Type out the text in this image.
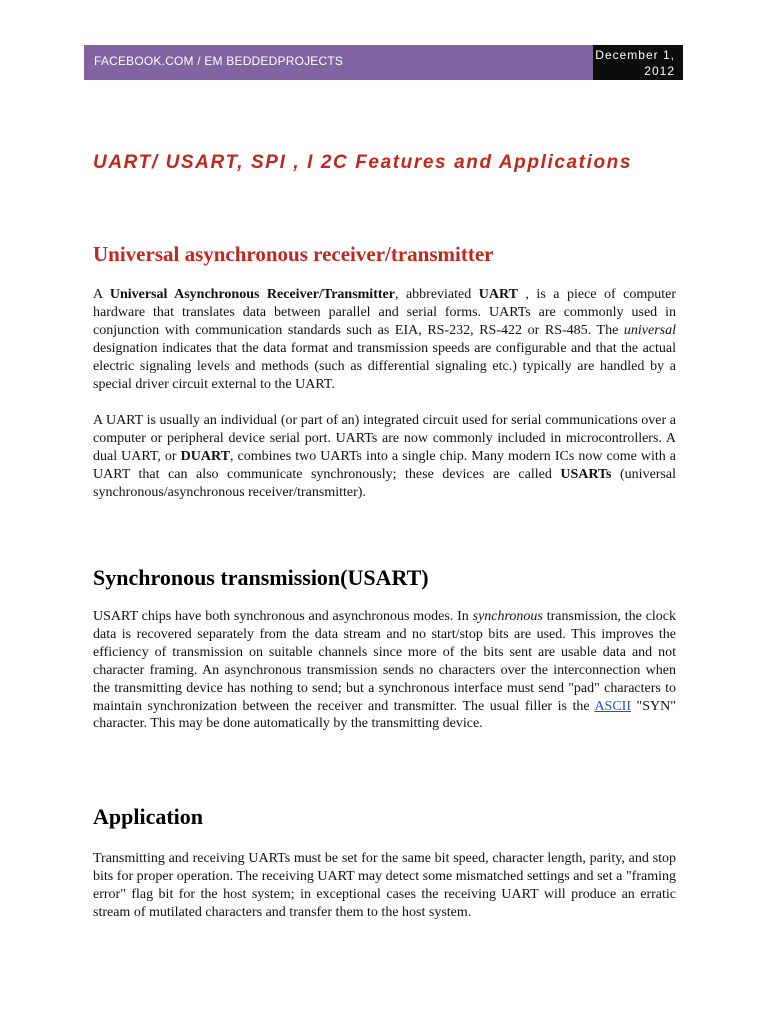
FACEBOOK.COM / EM BEDDEDPROJECTS	December 1,
2012
UART/ USART, SPI , I 2C Features and Applications
Universal asynchronous receiver/transmitter

A Universal Asynchronous Receiver/Transmitter, abbreviated UART , is a piece of computer hardware that translates data between parallel and serial forms. UARTs are commonly used in conjunction with communication standards such as EIA, RS-232, RS-422 or RS-485. The universal designation indicates that the data format and transmission speeds are configurable and that the actual electric signaling levels and methods (such as differential signaling etc.) typically are handled by a special driver circuit external to the UART.

A UART is usually an individual (or part of an) integrated circuit used for serial communications over a computer or peripheral device serial port. UARTs are now commonly included in microcontrollers. A dual UART, or DUART, combines two UARTs into a single chip. Many modern ICs now come with a UART that can also communicate synchronously; these devices are called USARTs (universal synchronous/asynchronous receiver/transmitter).

Synchronous transmission(USART)

USART chips have both synchronous and asynchronous modes. In synchronous transmission, the clock data is recovered separately from the data stream and no start/stop bits are used. This improves the efficiency of transmission on suitable channels since more of the bits sent are usable data and not character framing. An asynchronous transmission sends no characters over the interconnection when the transmitting device has nothing to send; but a synchronous interface must send "pad" characters to maintain synchronization between the receiver and transmitter. The usual filler is the ASCII "SYN" character. This may be done automatically by the transmitting device.

Application

Transmitting and receiving UARTs must be set for the same bit speed, character length, parity, and stop bits for proper operation. The receiving UART may detect some mismatched settings and set a "framing error" flag bit for the host system; in exceptional cases the receiving UART will produce an erratic stream of mutilated characters and transfer them to the host system.
